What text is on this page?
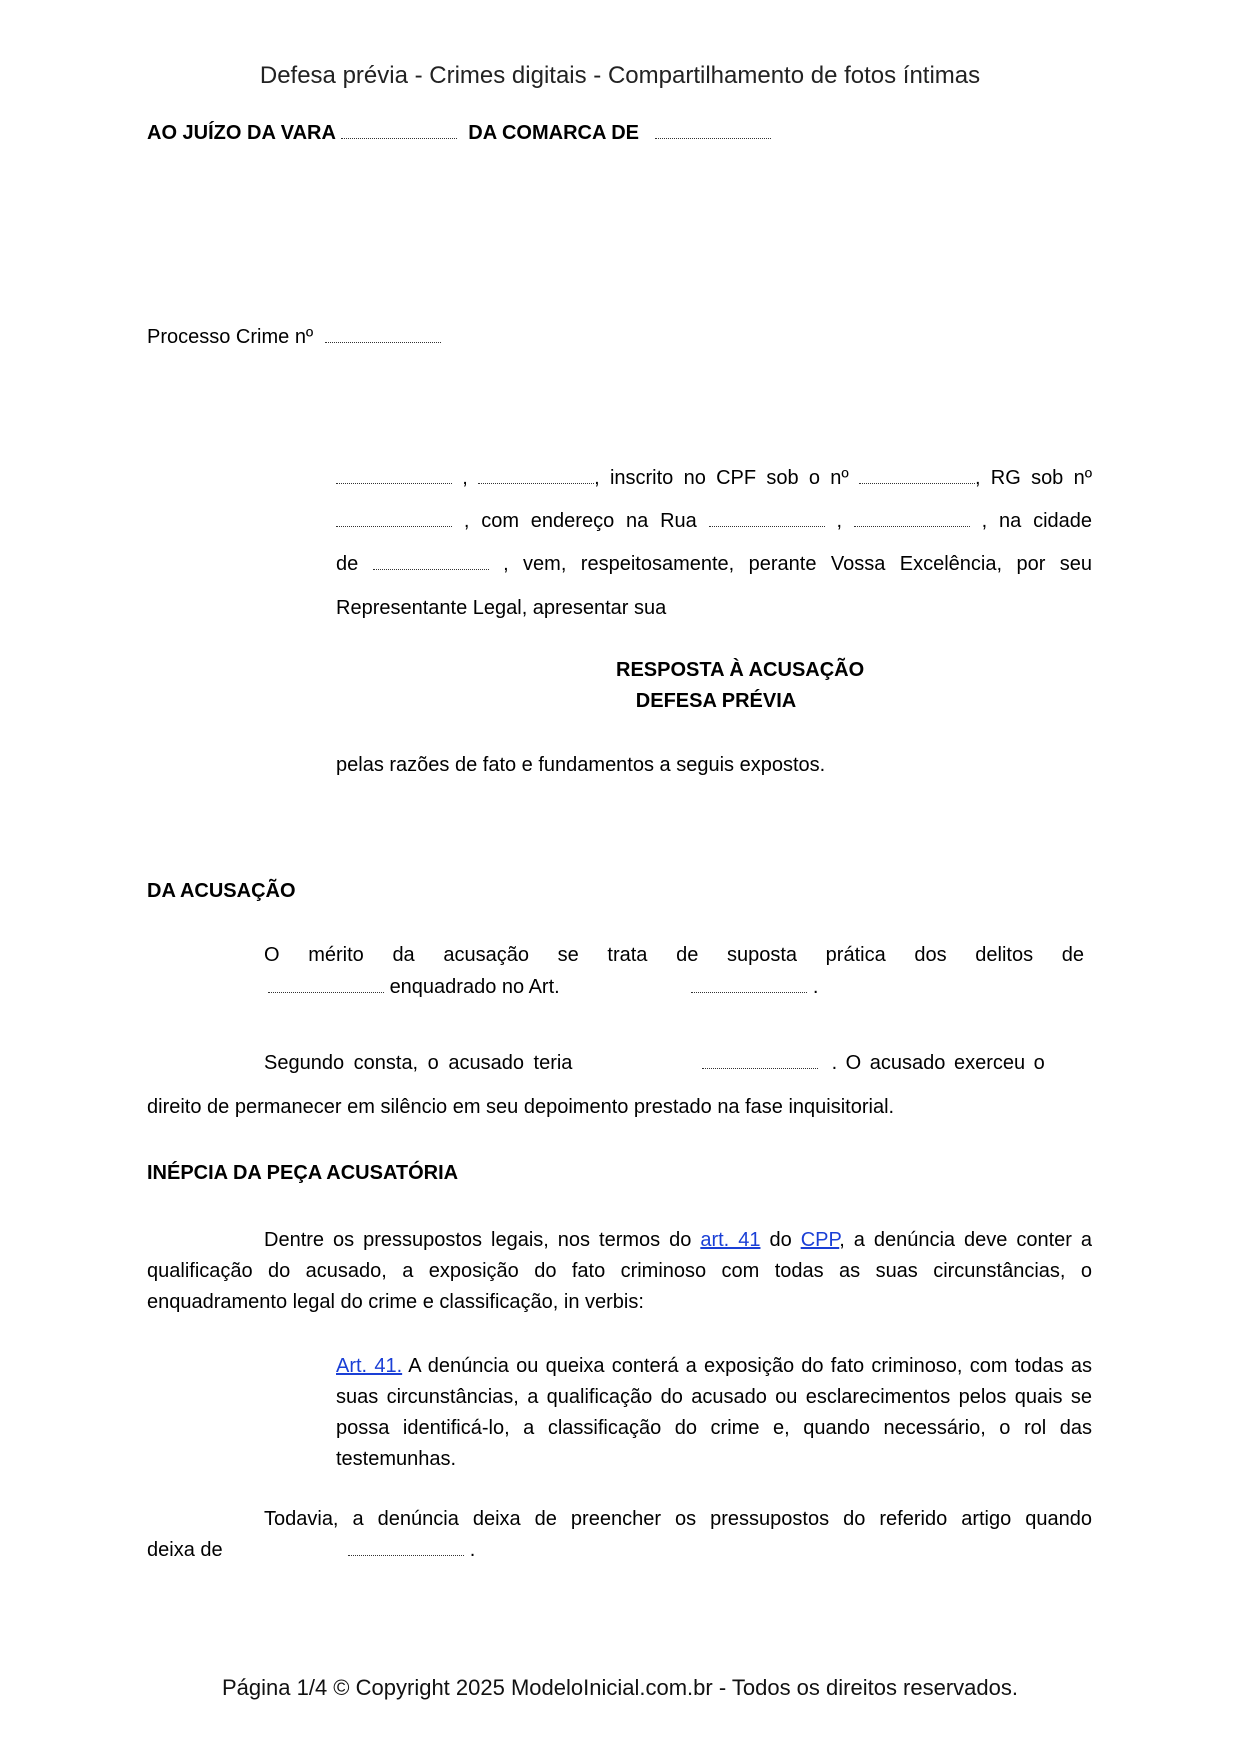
Defesa prévia - Crimes digitais - Compartilhamento de fotos íntimas
AO JUÍZO DA VARA	DA COMARCA DE
Processo Crime nº
,	, inscrito no CPF sob o nº	, RG sob nº
, com endereço na Rua	,	, na cidade
de	, vem, respeitosamente, perante Vossa Excelência, por seu
Representante Legal, apresentar sua
RESPOSTA À ACUSAÇÃO
DEFESA PRÉVIA
pelas razões de fato e fundamentos a seguis expostos.
DA ACUSAÇÃO
O mérito da acusação se trata de suposta prática dos delitos de
enquadrado no Art.	.
Segundo consta, o acusado teria	. O acusado exerceu o
direito de permanecer em silêncio em seu depoimento prestado na fase inquisitorial.
INÉPCIA DA PEÇA ACUSATÓRIA
Dentre os pressupostos legais, nos termos do art. 41 do CPP, a denúncia deve conter a qualificação do acusado, a exposição do fato criminoso com todas as suas circunstâncias, o enquadramento legal do crime e classificação, in verbis:
Art. 41. A denúncia ou queixa conterá a exposição do fato criminoso, com todas as suas circunstâncias, a qualificação do acusado ou esclarecimentos pelos quais se possa identificá-lo, a classificação do crime e, quando necessário, o rol das testemunhas.
Todavia, a denúncia deixa de preencher os pressupostos do referido artigo quando
deixa de	.
Página 1/4 © Copyright 2025 ModeloInicial.com.br - Todos os direitos reservados.
